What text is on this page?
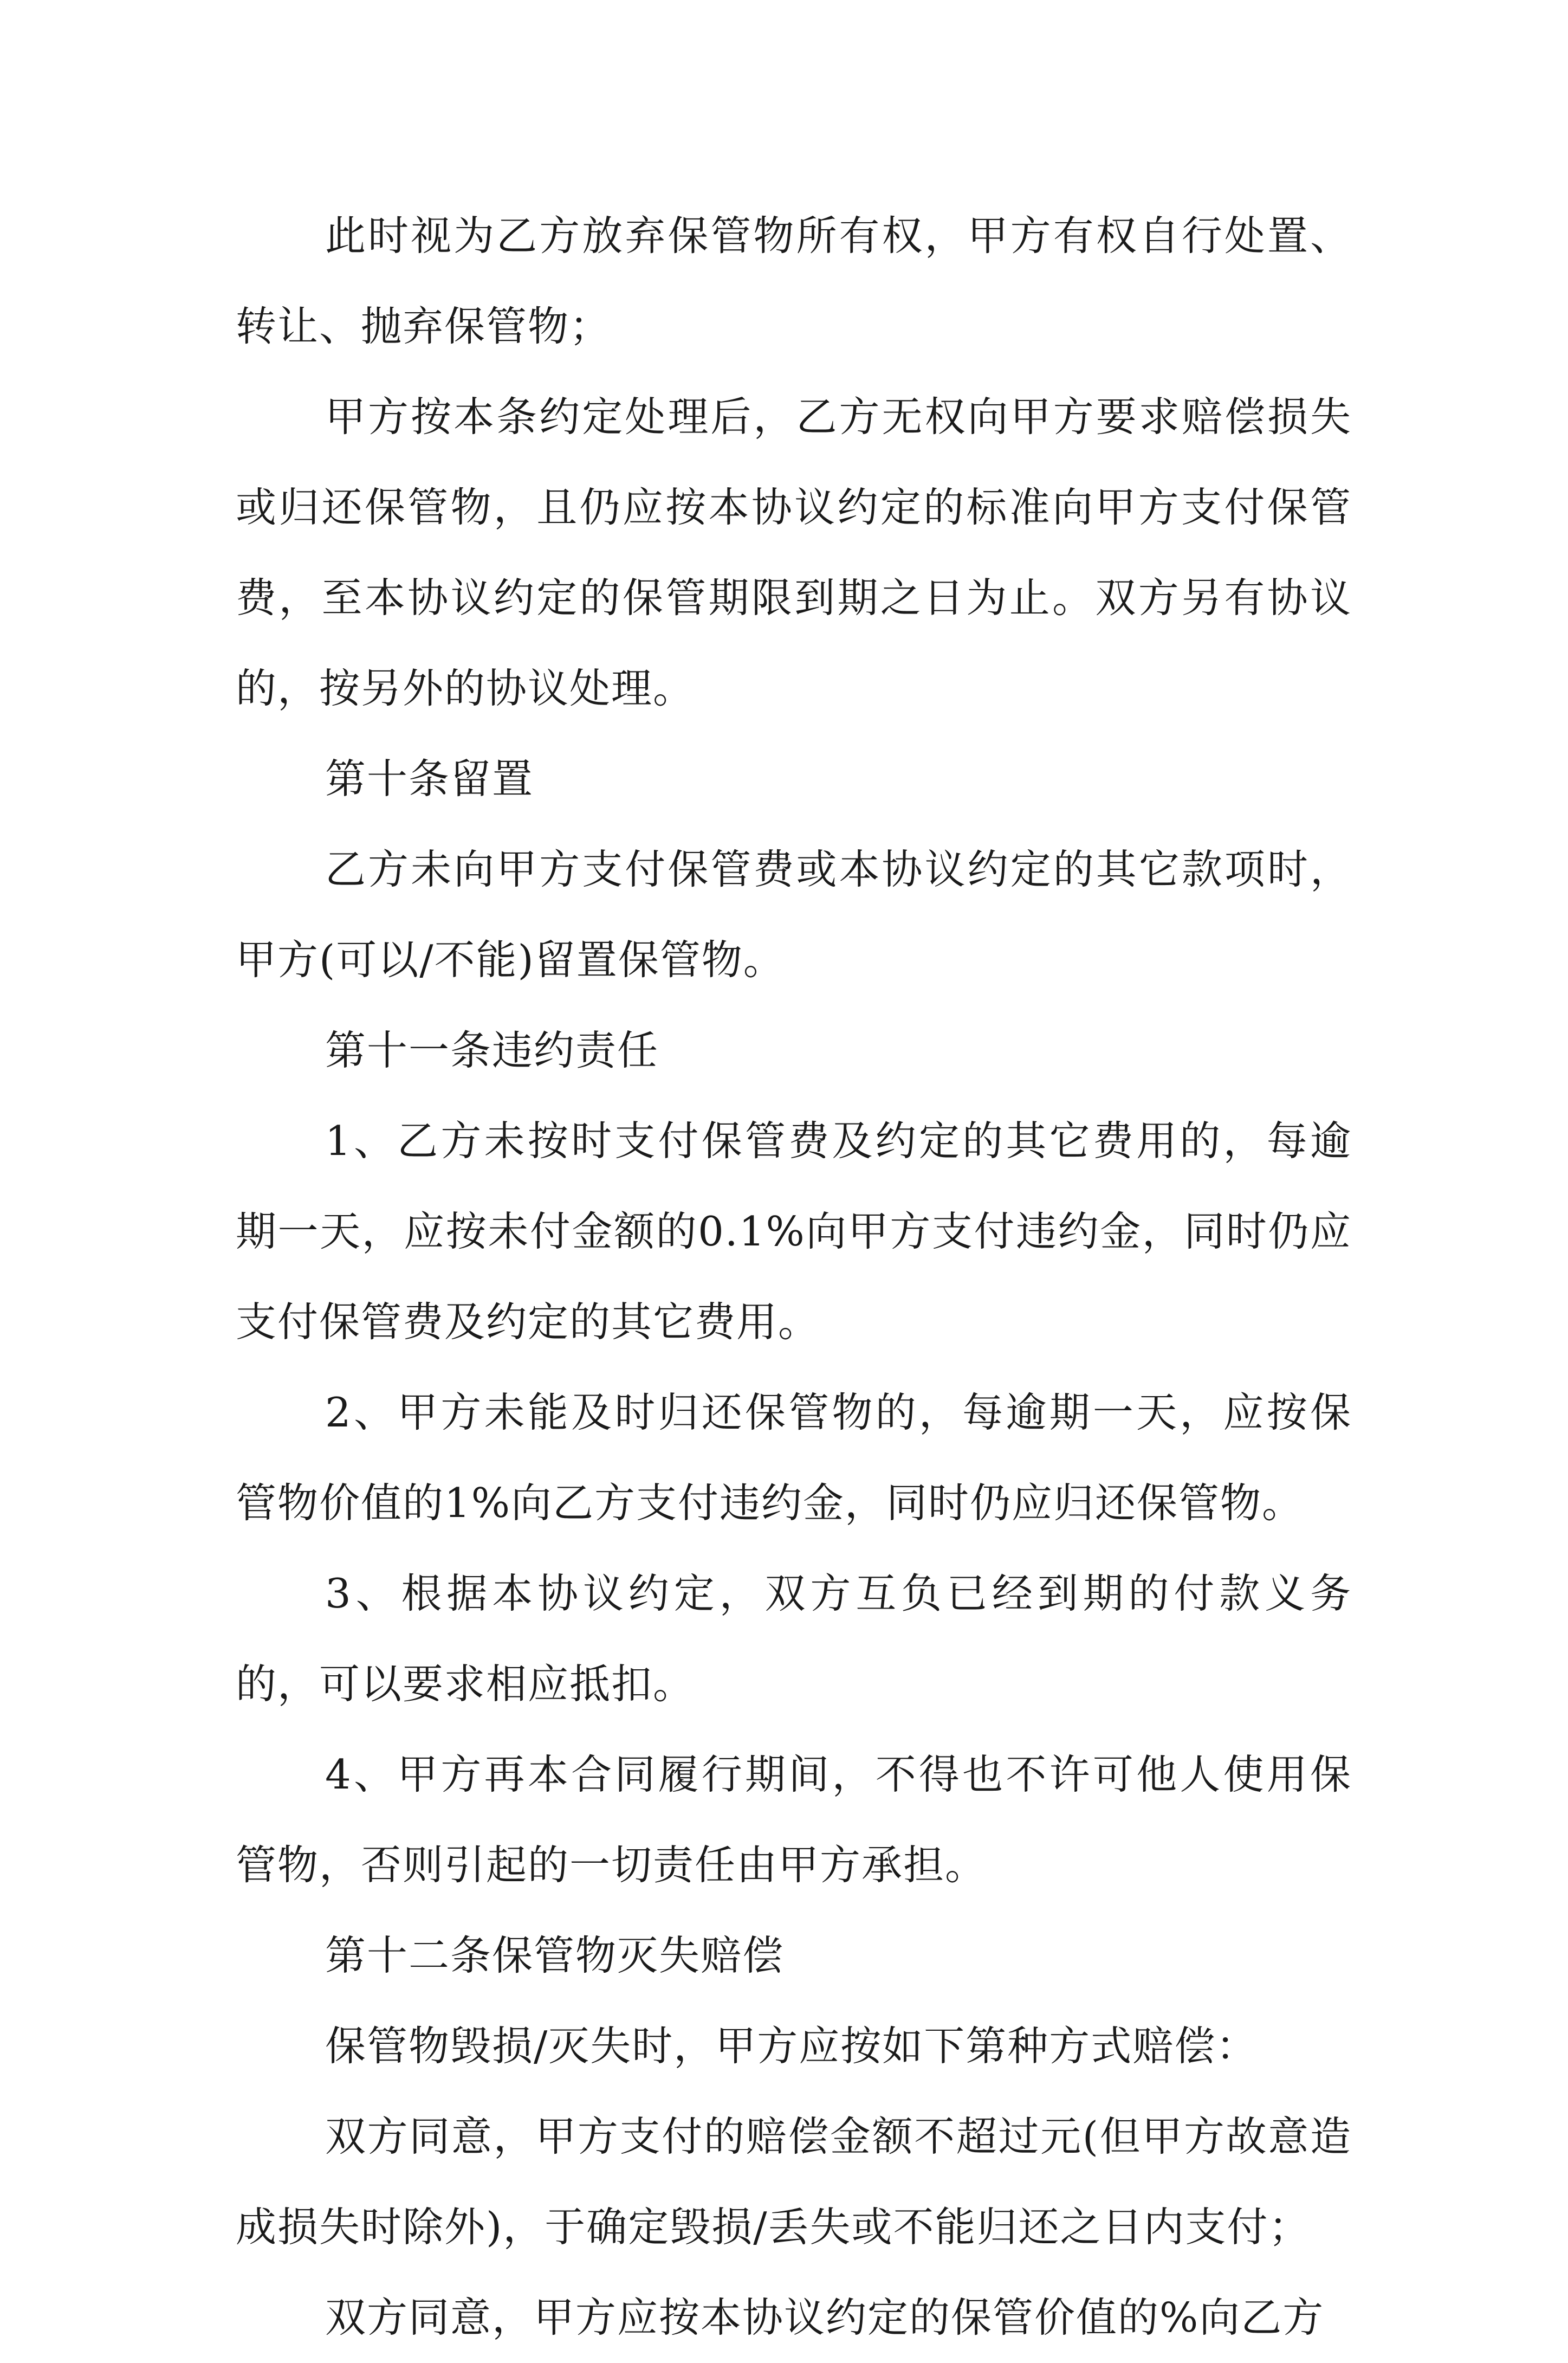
此时视为乙方放弃保管物所有权，甲方有权自行处置、转让、抛弃保管物；

甲方按本条约定处理后，乙方无权向甲方要求赔偿损失或归还保管物，且仍应按本协议约定的标准向甲方支付保管费，至本协议约定的保管期限到期之日为止。双方另有协议的，按另外的协议处理。

第十条留置

乙方未向甲方支付保管费或本协议约定的其它款项时，甲方(可以/不能)留置保管物。

第十一条违约责任

1、乙方未按时支付保管费及约定的其它费用的，每逾期一天，应按未付金额的0.1%向甲方支付违约金，同时仍应支付保管费及约定的其它费用。

2、甲方未能及时归还保管物的，每逾期一天，应按保管物价值的1%向乙方支付违约金，同时仍应归还保管物。

3、根据本协议约定，双方互负已经到期的付款义务的，可以要求相应抵扣。

4、甲方再本合同履行期间，不得也不许可他人使用保管物，否则引起的一切责任由甲方承担。

第十二条保管物灭失赔偿

保管物毁损/灭失时，甲方应按如下第种方式赔偿：

双方同意，甲方支付的赔偿金额不超过元(但甲方故意造成损失时除外)，于确定毁损/丢失或不能归还之日内支付；

双方同意，甲方应按本协议约定的保管价值的%向乙方
